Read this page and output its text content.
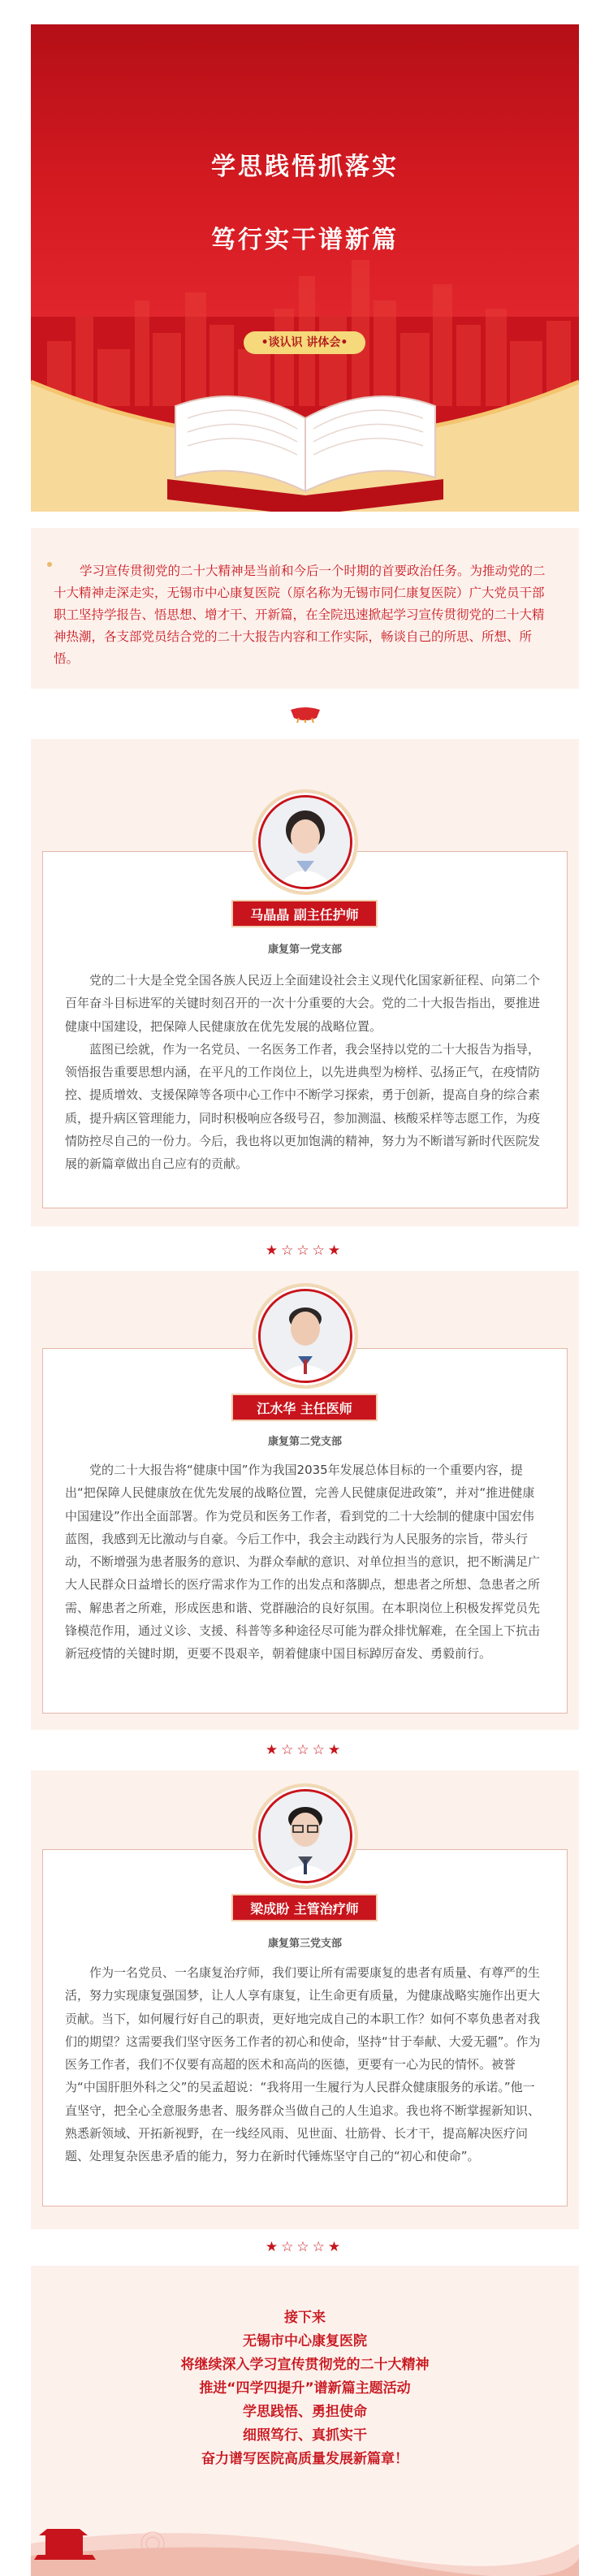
学思践悟抓落实
笃行实干谱新篇
•谈认识 讲体会•

学习宣传贯彻党的二十大精神是当前和今后一个时期的首要政治任务。为推动党的二十大精神走深走实，无锡市中心康复医院（原名称为无锡市同仁康复医院）广大党员干部职工坚持学报告、悟思想、增才干、开新篇，在全院迅速掀起学习宣传贯彻党的二十大精神热潮，各支部党员结合党的二十大报告内容和工作实际，畅谈自己的所思、所想、所悟。

马晶晶 副主任护师
康复第一党支部

党的二十大是全党全国各族人民迈上全面建设社会主义现代化国家新征程、向第二个百年奋斗目标进军的关键时刻召开的一次十分重要的大会。党的二十大报告指出，要推进健康中国建设，把保障人民健康放在优先发展的战略位置。

蓝图已绘就，作为一名党员、一名医务工作者，我会坚持以党的二十大报告为指导，领悟报告重要思想内涵，在平凡的工作岗位上，以先进典型为榜样、弘扬正气，在疫情防控、提质增效、支援保障等各项中心工作中不断学习探索，勇于创新，提高自身的综合素质，提升病区管理能力，同时积极响应各级号召，参加测温、核酸采样等志愿工作，为疫情防控尽自己的一份力。今后，我也将以更加饱满的精神，努力为不断谱写新时代医院发展的新篇章做出自己应有的贡献。

★☆☆☆★
江水华 主任医师
康复第二党支部

党的二十大报告将“健康中国”作为我国2035年发展总体目标的一个重要内容，提出“把保障人民健康放在优先发展的战略位置，完善人民健康促进政策”，并对“推进健康中国建设”作出全面部署。作为党员和医务工作者，看到党的二十大绘制的健康中国宏伟蓝图，我感到无比激动与自豪。今后工作中，我会主动践行为人民服务的宗旨，带头行动，不断增强为患者服务的意识、为群众奉献的意识、对单位担当的意识，把不断满足广大人民群众日益增长的医疗需求作为工作的出发点和落脚点，想患者之所想、急患者之所需、解患者之所难，形成医患和谐、党群融洽的良好氛围。在本职岗位上积极发挥党员先锋模范作用，通过义诊、支援、科普等多种途径尽可能为群众排忧解难，在全国上下抗击新冠疫情的关键时期，更要不畏艰辛，朝着健康中国目标踔厉奋发、勇毅前行。

★☆☆☆★
梁成盼 主管治疗师
康复第三党支部

作为一名党员、一名康复治疗师，我们要让所有需要康复的患者有质量、有尊严的生活，努力实现康复强国梦，让人人享有康复，让生命更有质量，为健康战略实施作出更大贡献。当下，如何履行好自己的职责，更好地完成自己的本职工作？如何不辜负患者对我们的期望？这需要我们坚守医务工作者的初心和使命，坚持“甘于奉献、大爱无疆”。作为医务工作者，我们不仅要有高超的医术和高尚的医德，更要有一心为民的情怀。被誉为“中国肝胆外科之父”的吴孟超说：“我将用一生履行为人民群众健康服务的承诺。”他一直坚守，把全心全意服务患者、服务群众当做自己的人生追求。我也将不断掌握新知识、熟悉新领域、开拓新视野，在一线经风雨、见世面、壮筋骨、长才干，提高解决医疗问题、处理复杂医患矛盾的能力，努力在新时代锤炼坚守自己的“初心和使命”。

★☆☆☆★
接下来
无锡市中心康复医院
将继续深入学习宣传贯彻党的二十大精神
推进“四学四提升”谱新篇主题活动
学思践悟、勇担使命
细照笃行、真抓实干
奋力谱写医院高质量发展新篇章！
